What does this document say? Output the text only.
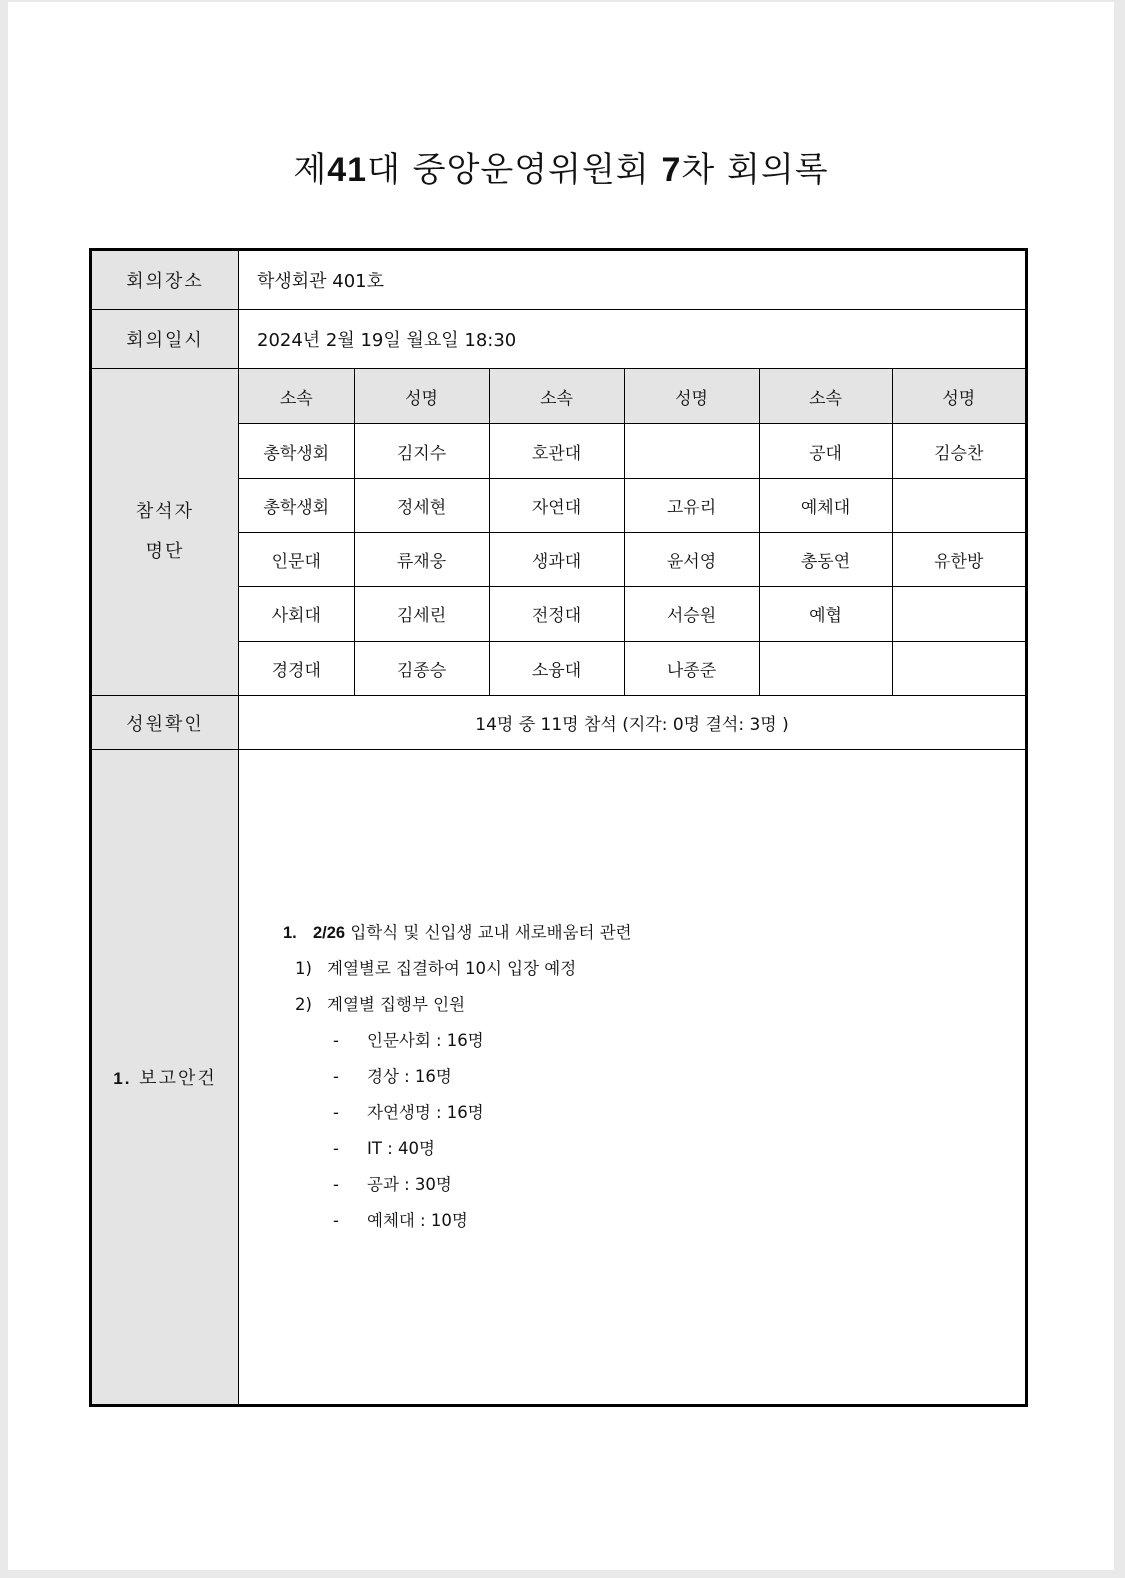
제41대 중앙운영위원회 7차 회의록
회의장소	학생회관 401호
회의일시	2024년 2월 19일 월요일 18:30

참석자
명단

소속	성명	소속	성명	소속	성명
총학생회	김지수	호관대		공대	김승찬
총학생회	정세현	자연대	고유리	예체대	
인문대	류재웅	생과대	윤서영	총동연	유한방
사회대	김세린	전정대	서승원	예협	
경경대	김종승	소융대	나종준		

성원확인	14명 중 11명 참석 (지각: 0명 결석: 3명 )
1. 보고안건	
1. 2/26 입학식 및 신입생 교내 새로배움터 관련
1) 계열별로 집결하여 10시 입장 예정
2) 계열별 집행부 인원
- 인문사회 : 16명
- 경상 : 16명
- 자연생명 : 16명
- IT : 40명
- 공과 : 30명
- 예체대 : 10명
